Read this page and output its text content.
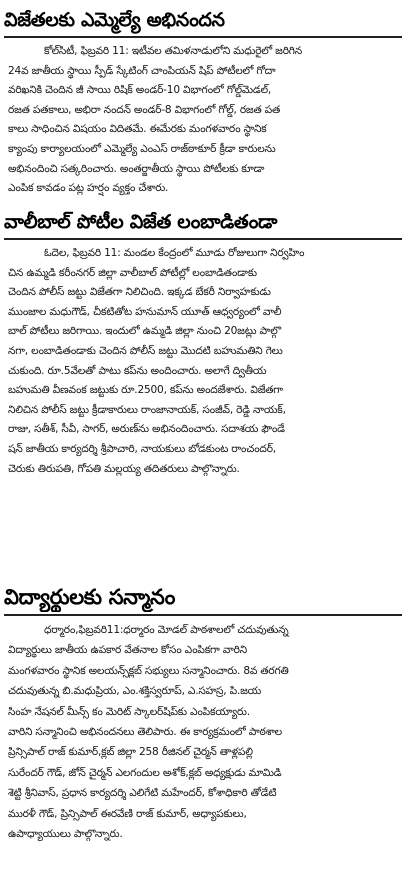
విజేతలకు ఎమ్మెల్యే అభినందన
కోల్‌సిటీ, ఫిబ్రవరి 11: ఇటీవల తమిళనాడులోని మధురైలో జరిగిన
24వ జాతీయ స్థాయి స్పీడ్ స్కేటింగ్ చాంపియన్ షిప్ పోటీలలో గోదా
వరిఖనికి చెందిన జీ సాయి రిషిక్ అండర్-10 విభాగంలో గోల్డ్‌మెడల్,
రజత పతకాలు, అభిరా నందన్ అండర్-8 విభాగంలో గోల్డ్, రజత పత
కాలు సాధించిన విషయం విదితమే. ఈమేరకు మంగళవారం స్థానిక
క్యాంపు కార్యాలయంలో ఎమ్మెల్యే ఎంఎస్ రాజ్‌ఠాకూర్ క్రీడా కారులను
అభినందించి సత్కరించారు. అంతర్జాతీయ స్థాయి పోటీలకు కూడా
ఎంపిక కావడం పట్ల హర్షం వ్యక్తం చేశారు.
వాలీబాల్ పోటీల విజేత లంబాడితండా
ఓదెల, ఫిబ్రవరి 11: మండల కేంద్రంలో మూడు రోజులుగా నిర్వహిం
చిన ఉమ్మడి కరీంనగర్ జిల్లా వాలీబాల్ పోటీల్లో లంబాడితండాకు
చెందిన పోలీస్ జట్టు విజేతగా నిలిచింది. ఇక్కడ బేకరీ నిర్వాహకుడు
ముంజాల మధుగౌడ్, చీకటితోట హనుమాన్ యూత్ ఆధ్వర్యంలో వాలీ
బాల్ పోటీలు జరిగాయి. ఇందులో ఉమ్మడి జిల్లా నుంచి 20జట్లు పాల్గొ
నగా, లంబాడితండాకు చెందిన పోలీస్ జట్టు మొదటి బహుమతిని గెలు
చుకుంది. రూ.5వేలతో పాటు కప్‌ను అందించారు. అలాగే ద్వితీయ
బహుమతి వీణవంక జట్టుకు రూ.2500, కప్‌ను అందజేశారు. విజేతగా
నిలిచిన పోలీస్ జట్టు క్రీడాకారులు రాంజానాయక్, సంజీవ్, రెడ్డి నాయక్,
రాజు, సతీశ్, సీవీ, సాగర్, అరుణ్‌ను అభినందించారు. సదాశయ ఫౌండే
షన్ జాతీయ కార్యదర్శి శ్రీపాచారి, నాయకులు బోడకుంట రాంచందర్,
చెరుకు తిరుపతి, గోపతి మల్లయ్య తదితరులు పాల్గొన్నారు.
విద్యార్థులకు సన్మానం
ధర్మారం,ఫిబ్రవరి11:ధర్మారం మోడల్ పాఠశాలలో చదువుతున్న
విద్యార్థులు జాతీయ ఉపకార వేతనాల కోసం ఎంపికగా వారిని
మంగళవారం స్థానిక అలయన్స్‌క్లబ్ సభ్యులు సన్మానించారు. 8వ తరగతి
చదువుతున్న బి.మధుప్రియ, ఎం.శక్తిస్వరూప్, ఎ.సహస్ర, పి.జయ
సింహ నేషనల్ మీన్స్ కం మెరిట్ స్కాలర్‌షిప్‌కు ఎంపికయ్యారు.
వారిని సన్మానించి అభినందనలు తెలిపారు. ఈ కార్యక్రమంలో పాఠశాల
ప్రిన్సిపాల్ రాజ్ కుమార్,క్లబ్ జిల్లా 258 రీజినల్ చైర్మన్ తాళ్లపల్లి
సురేందర్ గౌడ్, జోన్ చైర్మన్ ఎలగందుల అశోక్,క్లబ్ అధ్యక్షుడు మామిడి
శెట్టి శ్రీనివాస్, ప్రధాన కార్యదర్శి ఎలిగేటి మహేందర్, కోశాధికారి తోడేటి
మురళీ గౌడ్, ప్రిన్సిపాల్ ఈరవేణి రాజ్ కుమార్, అధ్యాపకులు,
ఉపాధ్యాయులు పాల్గొన్నారు.
